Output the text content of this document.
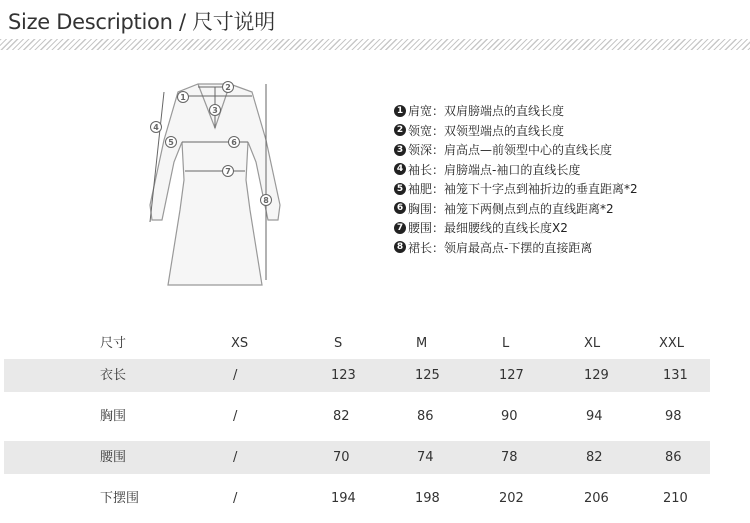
Size Description / 尺寸说明
1
2
3
4
5	6
7
8
1 肩宽：双肩膀端点的直线长度
2 领宽：双领型端点的直线长度
3 领深：肩高点—前领型中心的直线长度
4 袖长：肩膀端点-袖口的直线长度
5 袖肥：袖笼下十字点到袖折边的垂直距离*2
6 胸围：袖笼下两侧点到点的直线距离*2
7 腰围：最细腰线的直线长度X2
8 裙长：领肩最高点-下摆的直接距离
尺寸	XS	S	M	L	XL	XXL
衣长	/	123	125	127	129	131
胸围	/	82	86	90	94	98
腰围	/	70	74	78	82	86
下摆围	/	194	198	202	206	210
